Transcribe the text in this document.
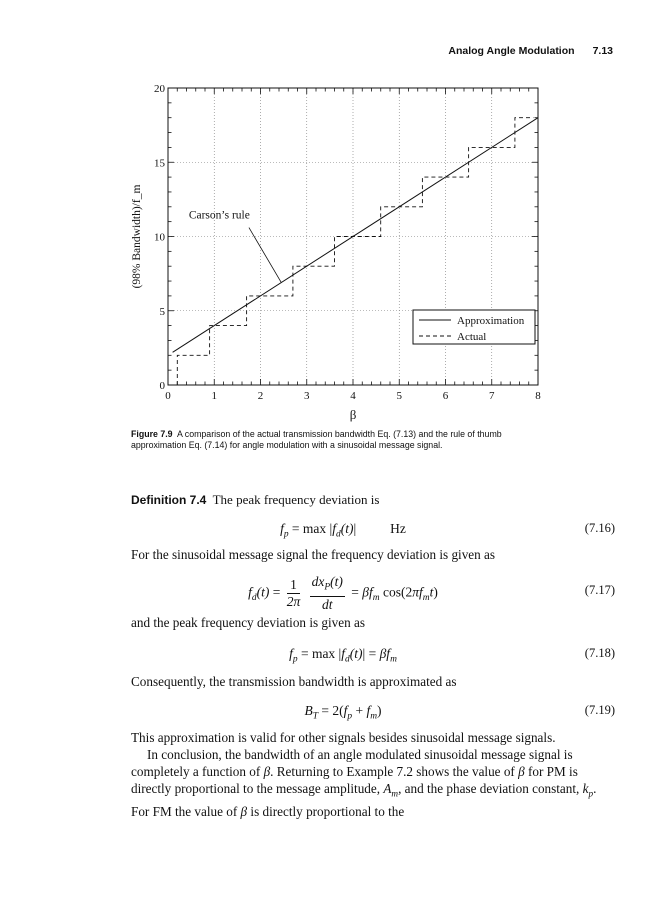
Analog Angle Modulation 7.13
0	1	2	3	4	5	6	7	8
0
5
10
15
20
β
(98% Bandwidth)/f_m
Approximation
Actual
Carson’s rule
Figure 7.9 A comparison of the actual transmission bandwidth Eq. (7.13) and the rule of thumb approximation Eq. (7.14) for angle modulation with a sinusoidal message signal.
Definition 7.4 The peak frequency deviation is
$f_p = \max |f_d(t)|$	Hz	(7.16)
For the sinusoidal message signal the frequency deviation is given as
$f_d(t) = \frac{1}{2\pi}$
$\frac{dx_P(t)}{dt} = \beta f_m$ $\cos(2\pi f_mt)$	(7.17)
and the peak frequency deviation is given as
$f_p = \max |f_d(t)| = \beta f_m$	(7.18)
Consequently, the transmission bandwidth is approximated as
$B_T = 2(f_p + f_m)$	(7.19)
This approximation is valid for other signals besides sinusoidal message signals.
In conclusion, the bandwidth of an angle modulated sinusoidal message signal is completely a function of β. Returning to Example 7.2 shows the value of β for PM is directly proportional to the message amplitude, $A_m$, and the phase deviation constant, $k_p$. For FM the value of β is directly proportional to the
